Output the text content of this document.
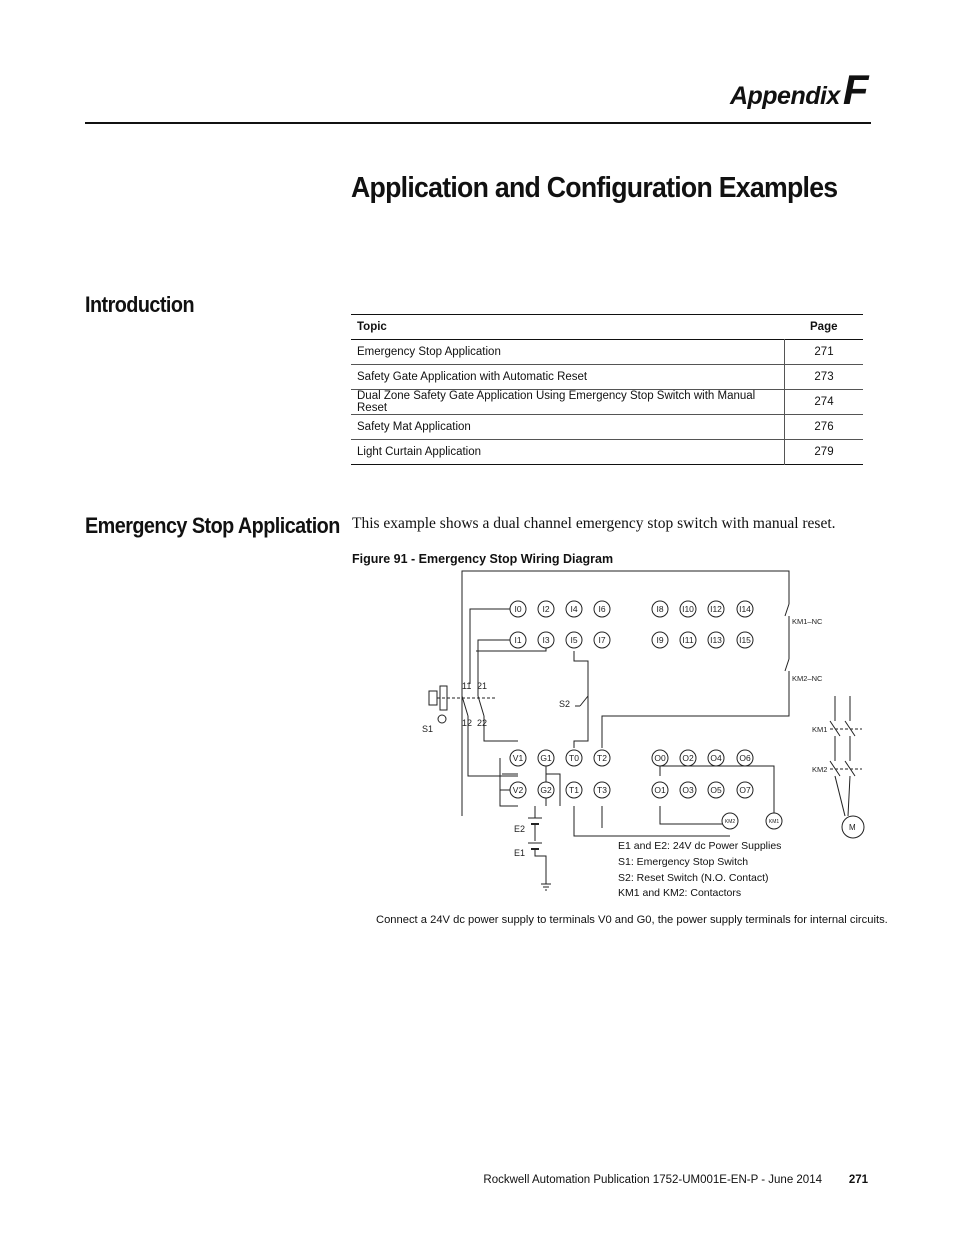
AppendixF
Application and Configuration Examples
Introduction
Topic	Page
Emergency Stop Application	271
Safety Gate Application with Automatic Reset	273
Dual Zone Safety Gate Application Using Emergency Stop Switch with Manual Reset	274
Safety Mat Application	276
Light Curtain Application	279
Emergency Stop Application This example shows a dual channel emergency stop switch with manual reset.
Figure 91 - Emergency Stop Wiring Diagram
I0 I2 I4 I6	I8 I10 I12 I14
I1 I3 I5 I7	I9 I11 I13 I15
V1 G1 T0 T2	O0 O2 O4 O6
V2 G2 T1 T3	O1 O3 O5 O7
S1
S2
E2
E1
11 21
12 22
KM1
KM2
M
KM1–NC
KM2–NC
KM2	KM1
E1 and E2: 24V dc Power Supplies
S1: Emergency Stop Switch
S2: Reset Switch (N.O. Contact)
KM1 and KM2: Contactors
Connect a 24V dc power supply to terminals V0 and G0, the power supply terminals for internal circuits.
Rockwell Automation Publication 1752-UM001E-EN-P - June 2014 271
